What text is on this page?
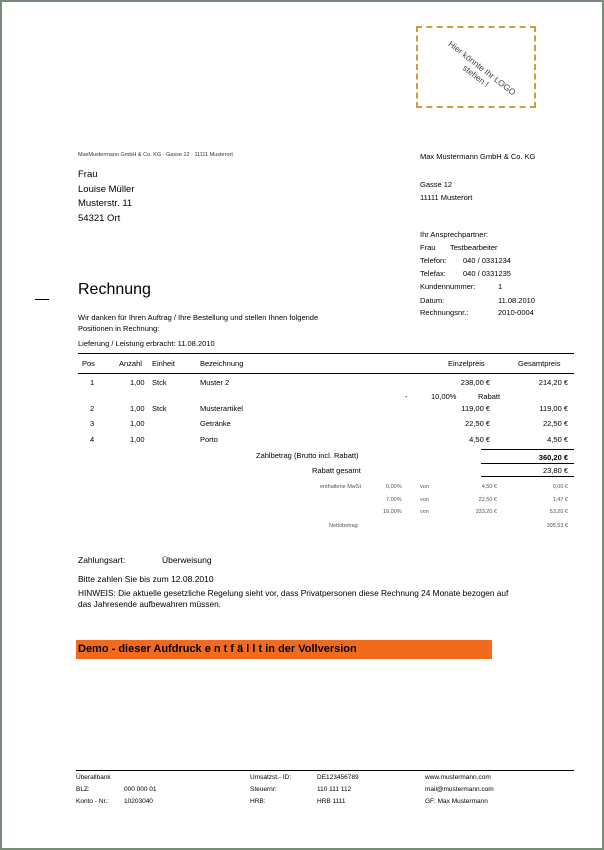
Hier könnte Ihr LOGO stehen !
MaxMustermann GmbH & Co. KG · Gasse 12 · 11111 Musterort	Max Mustermann GmbH & Co. KG
Gasse 12
11111 Musterort
Frau
Louise Müller
Musterstr. 11
54321 Ort
Ihr Ansprechpartner:
Frau Testbearbeiter
Telefon: 040 / 0331234
Telefax: 040 / 0331235
Kundennummer:	1
Datum:	11.08.2010
Rechnungsnr.:	2010-0004
Rechnung
Wir danken für Ihren Auftrag / Ihre Bestellung und stellen Ihnen folgende
Positionen in Rechnung:
Lieferung / Leistung erbracht: 11.08.2010
Pos	Anzahl Einheit	Bezeichnung	Einzelpreis	Gesamtpreis
1	1,00 Stck	Muster 2	238,00 €	214,20 €
-	10,00%	Rabatt
2	1,00 Stck	Musterartikel	119,00 €	119,00 €
3	1,00	Getränke	22,50 €	22,50 €
4	1,00	Porto	4,50 €	4,50 €
Zahlbetrag (Brutto incl. Rabatt)	360,20 €
Rabatt gesamt	23,80 €
enthaltene MwSt	0,00%	von	4,50 €	0,00 €
7,00%	von	22,50 €	1,47 €
19,00%	von	333,20 €	53,20 €
Nettobetrag	305,53 €
Zahlungsart:	Überweisung
Bitte zahlen Sie bis zum 12.08.2010
HINWEIS: Die aktuelle gesetzliche Regelung sieht vor, dass Privatpersonen diese Rechnung 24 Monate bezogen auf
das Jahresende aufbewahren müssen.
Demo - dieser Aufdruck e n t f ä l l t in der Vollversion
Überallbank
BLZ:	000 000 01
Konto - Nr.: 10203040
Umsatzst.- ID:	DE123456789
Steuernr:	110 111 112
HRB:	HRB 1111
www.mustermann.com
mail@mustermann.com
GF: Max Mustermann
